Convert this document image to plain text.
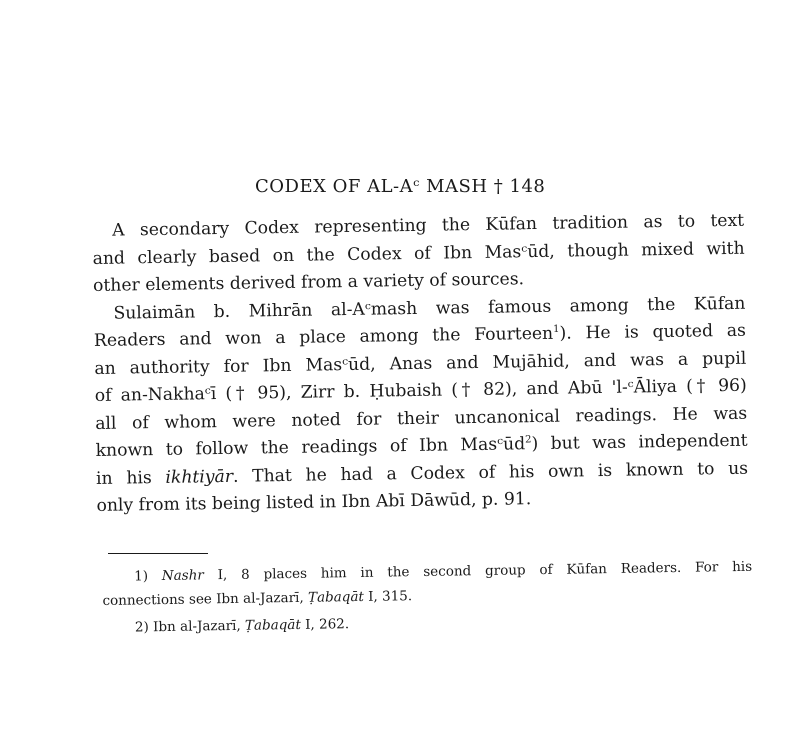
CODEX OF AL-Aᶜ MASH † 148
A secondary Codex representing the Kūfan tradition as to text
and clearly based on the Codex of Ibn Masᶜūd, though mixed with
other elements derived from a variety of sources.
Sulaimān b. Mihrān al-Aᶜmash was famous among the Kūfan
Readers and won a place among the Fourteen$^1$). He is quoted as
an authority for Ibn Masᶜūd, Anas and Mujāhid, and was a pupil
of an-Nakhaᶜī († 95), Zirr b. Ḥubaish († 82), and Abū 'l-ᶜĀliya († 96)
all of whom were noted for their uncanonical readings. He was
known to follow the readings of Ibn Masᶜūd$^2$) but was independent
in his ikhtiyār. That he had a Codex of his own is known to us
only from its being listed in Ibn Abī Dāwūd, p. 91.
1) Nashr I, 8 places him in the second group of Kūfan Readers. For his
connections see Ibn al-Jazarī, Ṭabaqāt I, 315.
2) Ibn al-Jazarī, Ṭabaqāt I, 262.
